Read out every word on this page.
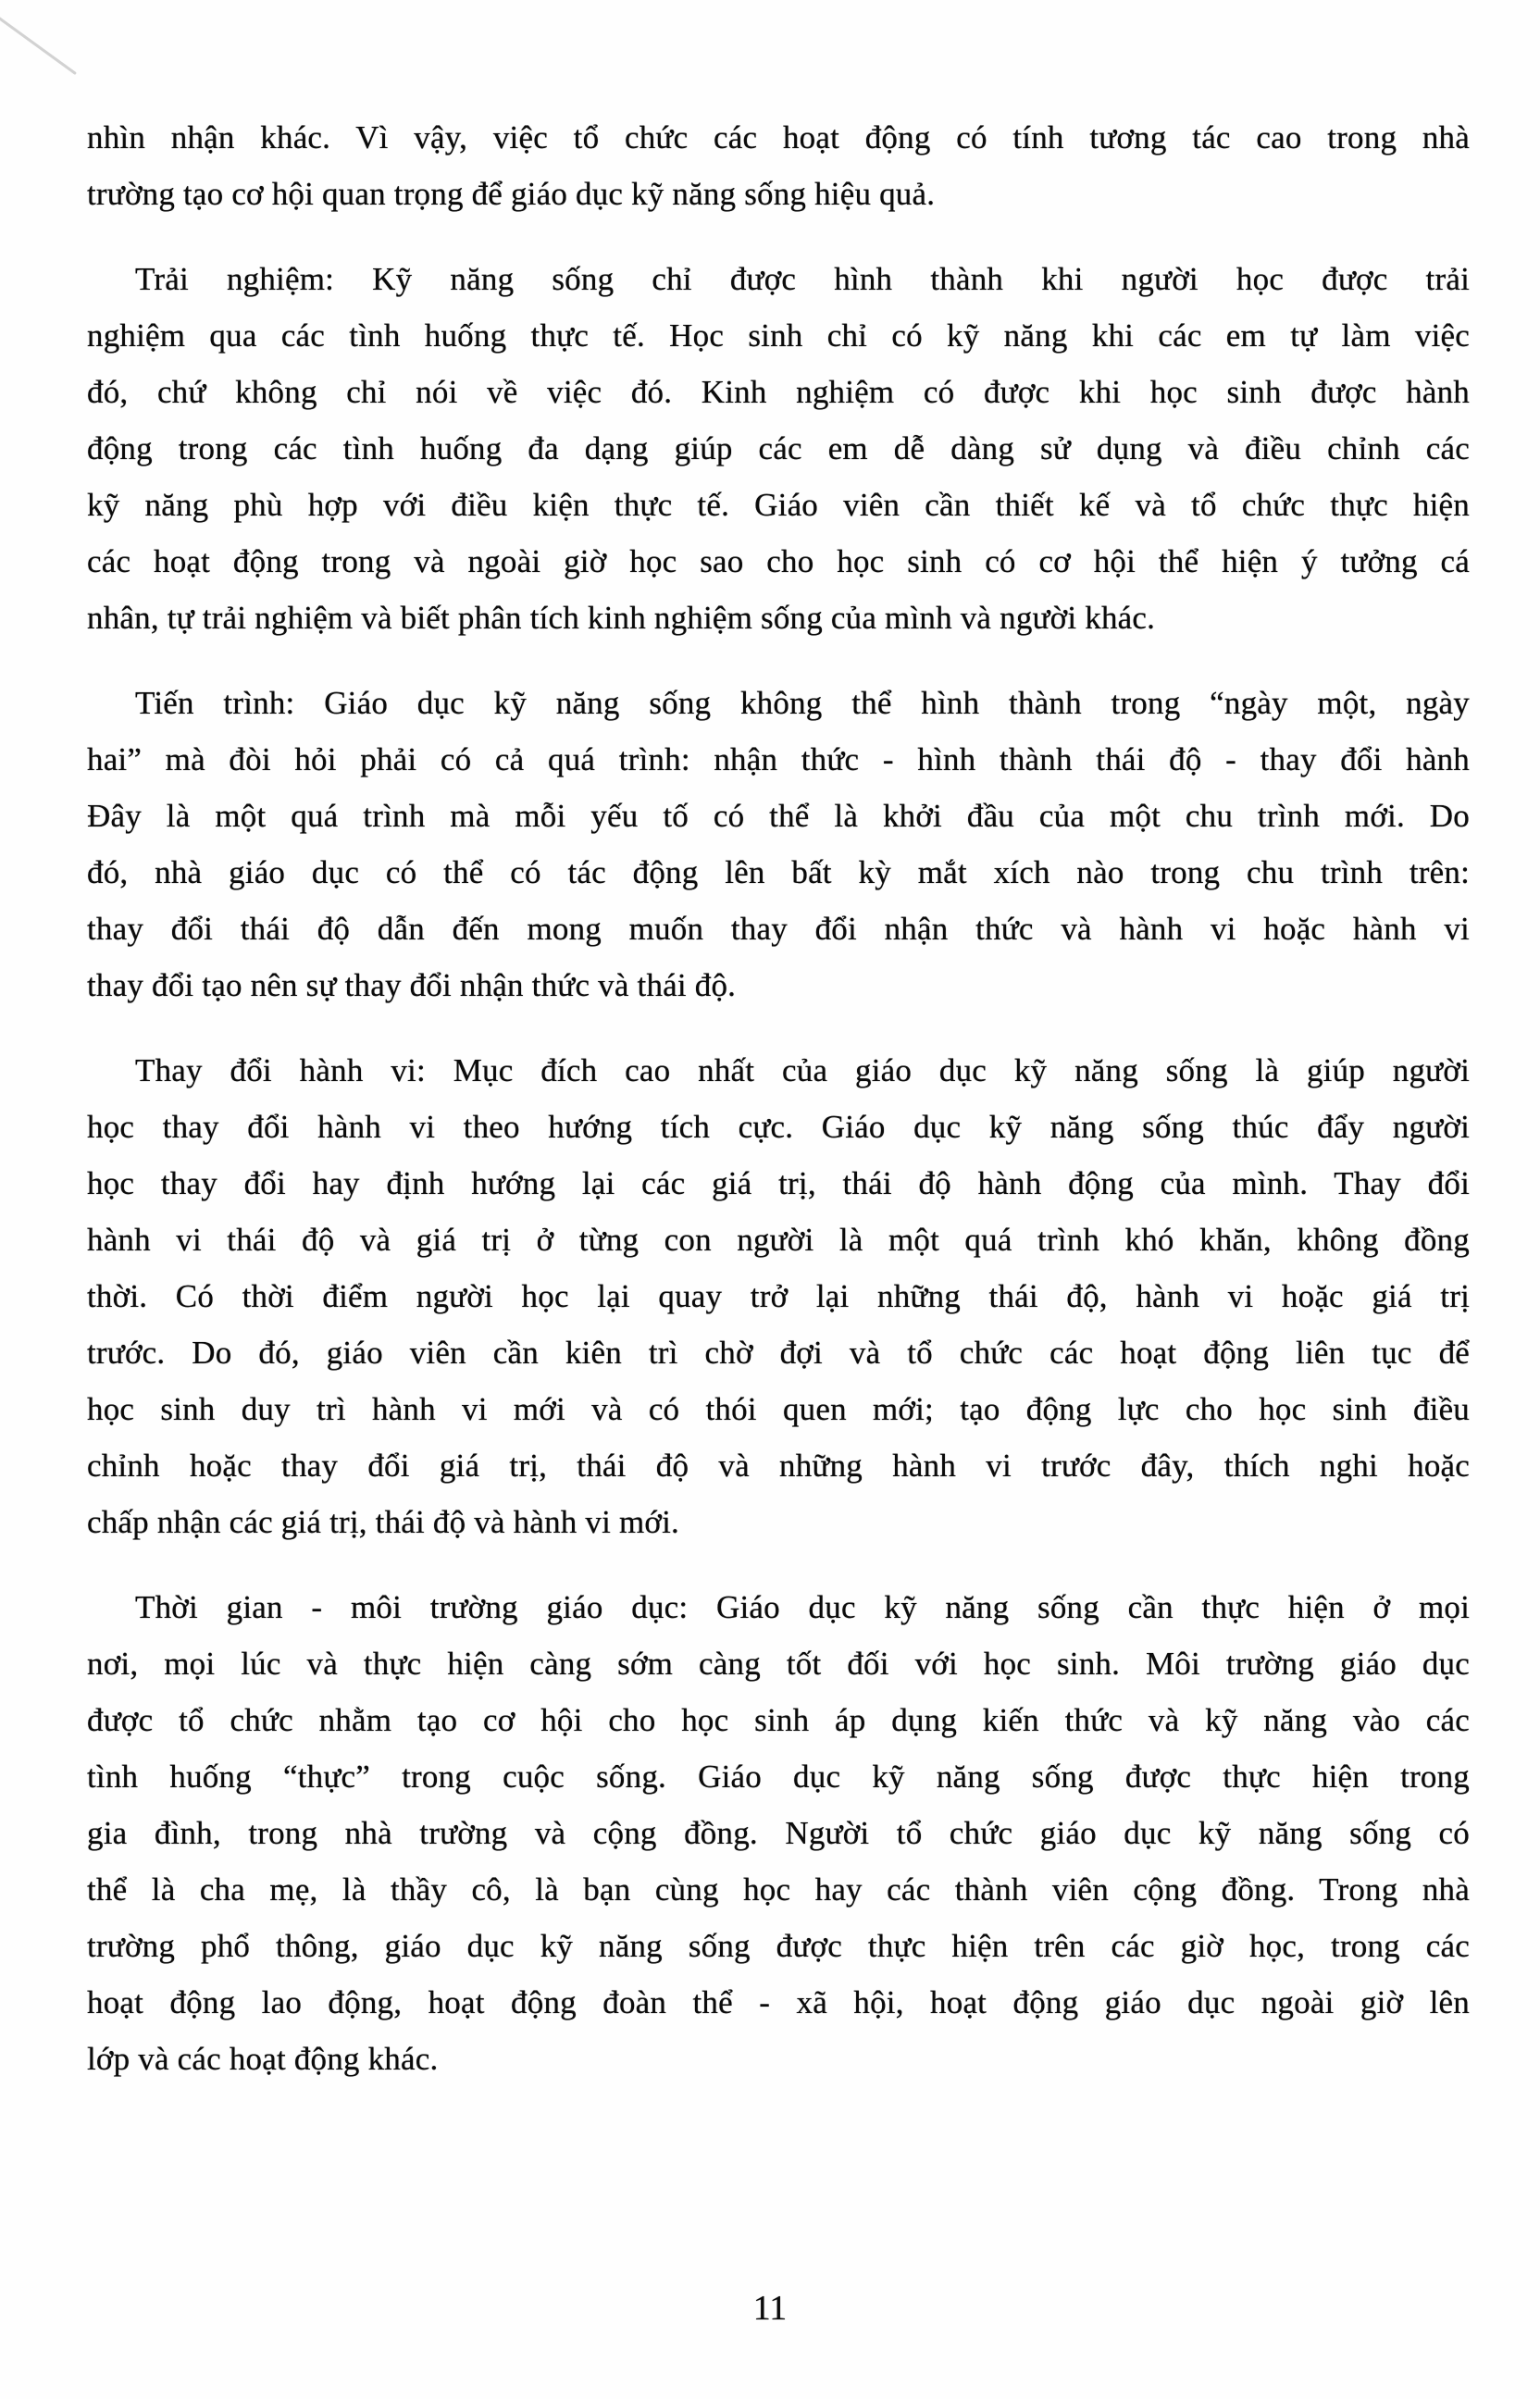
nhìn nhận khác. Vì vậy, việc tổ chức các hoạt động có tính tương tác cao trong nhà
trường tạo cơ hội quan trọng để giáo dục kỹ năng sống hiệu quả.
Trải nghiệm: Kỹ năng sống chỉ được hình thành khi người học được trải
nghiệm qua các tình huống thực tế. Học sinh chỉ có kỹ năng khi các em tự làm việc
đó, chứ không chỉ nói về việc đó. Kinh nghiệm có được khi học sinh được hành
động trong các tình huống đa dạng giúp các em dễ dàng sử dụng và điều chỉnh các
kỹ năng phù hợp với điều kiện thực tế. Giáo viên cần thiết kế và tổ chức thực hiện
các hoạt động trong và ngoài giờ học sao cho học sinh có cơ hội thể hiện ý tưởng cá
nhân, tự trải nghiệm và biết phân tích kinh nghiệm sống của mình và người khác.
Tiến trình: Giáo dục kỹ năng sống không thể hình thành trong “ngày một, ngày
hai” mà đòi hỏi phải có cả quá trình: nhận thức - hình thành thái độ - thay đổi hành
Đây là một quá trình mà mỗi yếu tố có thể là khởi đầu của một chu trình mới. Do
đó, nhà giáo dục có thể có tác động lên bất kỳ mắt xích nào trong chu trình trên:
thay đổi thái độ dẫn đến mong muốn thay đổi nhận thức và hành vi hoặc hành vi
thay đổi tạo nên sự thay đổi nhận thức và thái độ.
Thay đổi hành vi: Mục đích cao nhất của giáo dục kỹ năng sống là giúp người
học thay đổi hành vi theo hướng tích cực. Giáo dục kỹ năng sống thúc đẩy người
học thay đổi hay định hướng lại các giá trị, thái độ hành động của mình. Thay đổi
hành vi thái độ và giá trị ở từng con người là một quá trình khó khăn, không đồng
thời. Có thời điểm người học lại quay trở lại những thái độ, hành vi hoặc giá trị
trước. Do đó, giáo viên cần kiên trì chờ đợi và tổ chức các hoạt động liên tục để
học sinh duy trì hành vi mới và có thói quen mới; tạo động lực cho học sinh điều
chỉnh hoặc thay đổi giá trị, thái độ và những hành vi trước đây, thích nghi hoặc
chấp nhận các giá trị, thái độ và hành vi mới.
Thời gian - môi trường giáo dục: Giáo dục kỹ năng sống cần thực hiện ở mọi
nơi, mọi lúc và thực hiện càng sớm càng tốt đối với học sinh. Môi trường giáo dục
được tổ chức nhằm tạo cơ hội cho học sinh áp dụng kiến thức và kỹ năng vào các
tình huống “thực” trong cuộc sống. Giáo dục kỹ năng sống được thực hiện trong
gia đình, trong nhà trường và cộng đồng. Người tổ chức giáo dục kỹ năng sống có
thể là cha mẹ, là thầy cô, là bạn cùng học hay các thành viên cộng đồng. Trong nhà
trường phổ thông, giáo dục kỹ năng sống được thực hiện trên các giờ học, trong các
hoạt động lao động, hoạt động đoàn thể - xã hội, hoạt động giáo dục ngoài giờ lên
lớp và các hoạt động khác.
11
